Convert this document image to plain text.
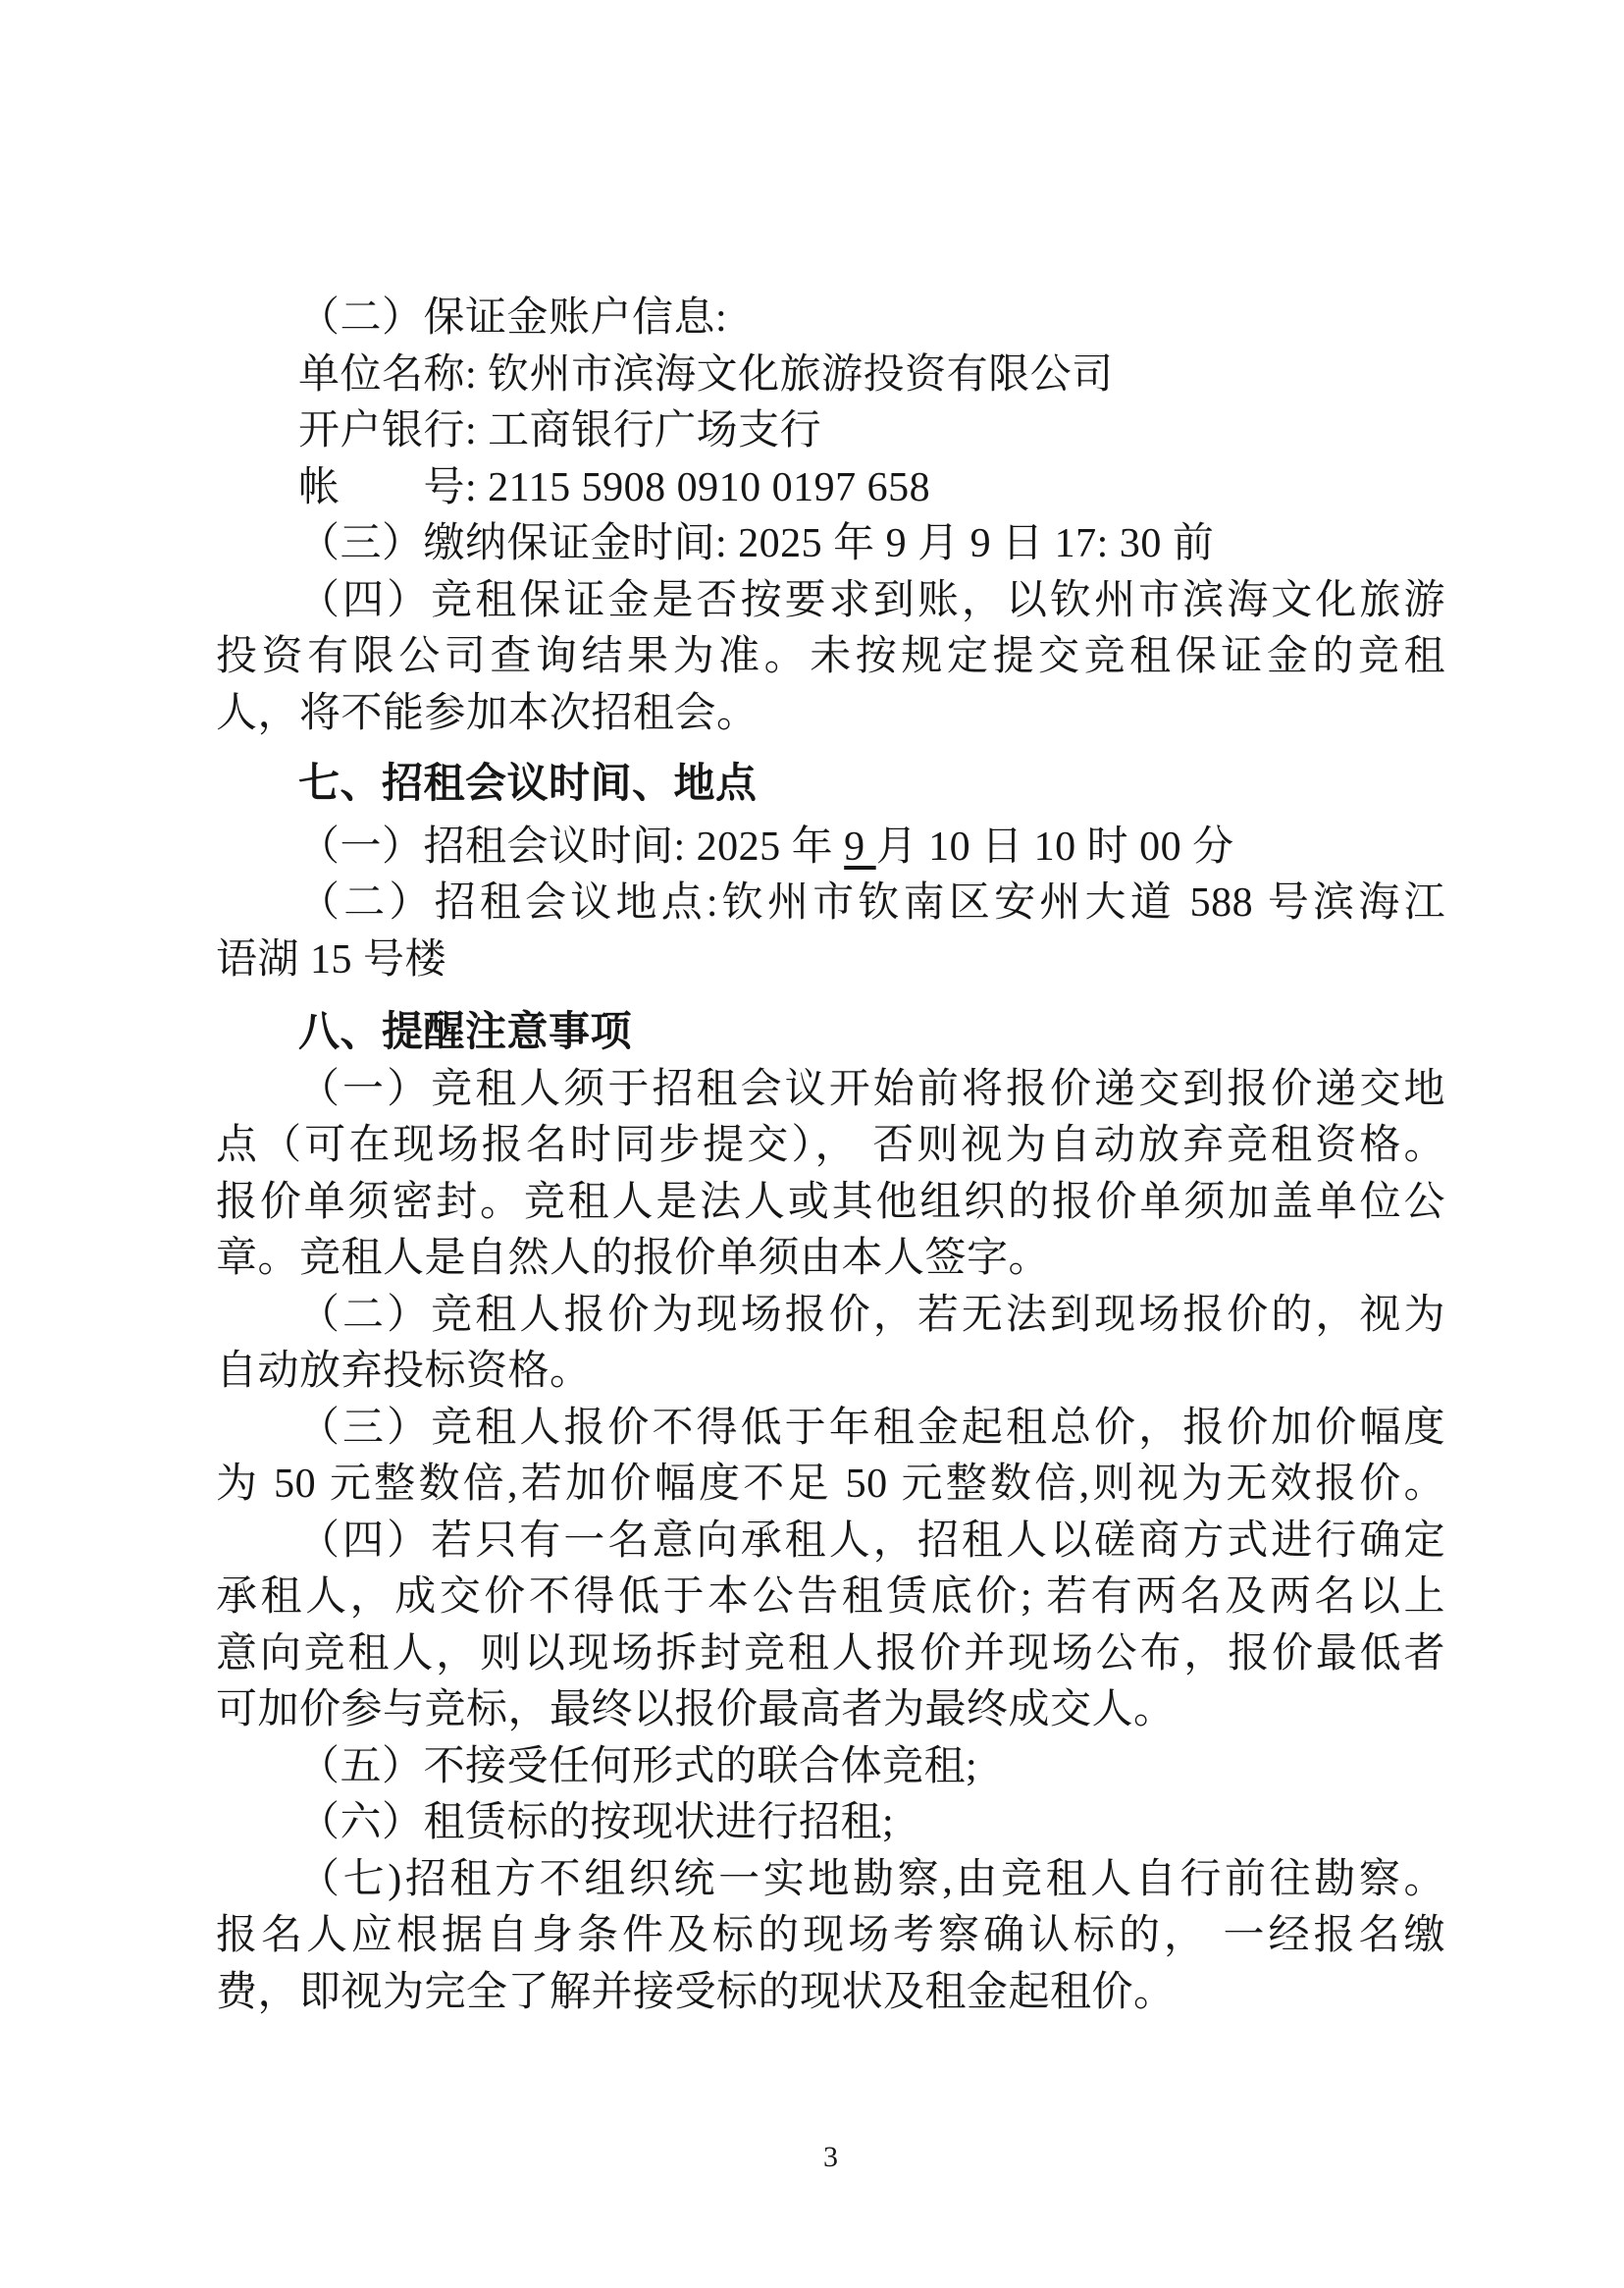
（二）保证金账户信息:
单位名称: 钦州市滨海文化旅游投资有限公司
开户银行: 工商银行广场支行
帐　　号: 2115 5908 0910 0197 658
（三）缴纳保证金时间: 2025 年 9 月 9 日 17: 30 前
（四）竞租保证金是否按要求到账，以钦州市滨海文化旅游
投资有限公司查询结果为准。未按规定提交竞租保证金的竞租
人，将不能参加本次招租会。
七、招租会议时间、地点
（一）招租会议时间: 2025 年 9 月 10 日 10 时 00 分
（二）招租会议地点:钦州市钦南区安州大道 588 号滨海江
语湖 15 号楼
八、提醒注意事项
（一）竞租人须于招租会议开始前将报价递交到报价递交地
点（可在现场报名时同步提交）， 否则视为自动放弃竞租资格。
报价单须密封。竞租人是法人或其他组织的报价单须加盖单位公
章。竞租人是自然人的报价单须由本人签字。
（二）竞租人报价为现场报价，若无法到现场报价的，视为
自动放弃投标资格。
（三）竞租人报价不得低于年租金起租总价，报价加价幅度
为 50 元整数倍,若加价幅度不足 50 元整数倍,则视为无效报价。
（四）若只有一名意向承租人，招租人以磋商方式进行确定
承租人，成交价不得低于本公告租赁底价; 若有两名及两名以上
意向竞租人，则以现场拆封竞租人报价并现场公布，报价最低者
可加价参与竞标，最终以报价最高者为最终成交人。
（五）不接受任何形式的联合体竞租;
（六）租赁标的按现状进行招租;
（七)招租方不组织统一实地勘察,由竞租人自行前往勘察。
报名人应根据自身条件及标的现场考察确认标的， 一经报名缴
费，即视为完全了解并接受标的现状及租金起租价。
3
